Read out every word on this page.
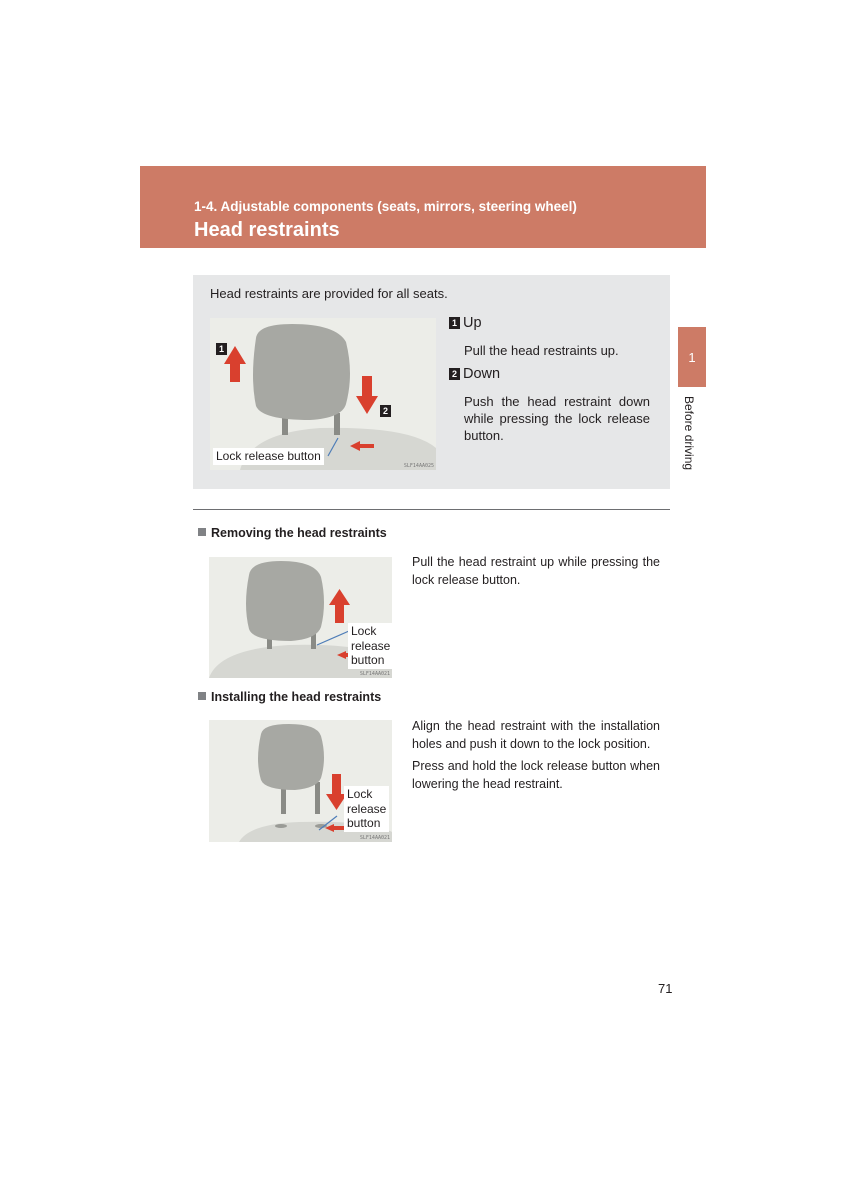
1-4. Adjustable components (seats, mirrors, steering wheel)
Head restraints
1
Before driving
Head restraints are provided for all seats.
1
2
Lock release button
SLF14AA025
1 Up
Pull the head restraints up.
2 Down
Push the head restraint down while pressing the lock release button.
Removing the head restraints
Lock
release
button
SLF14AA021
Pull the head restraint up while pressing the lock release button.
Installing the head restraints
Lock
release
button
SLF14AA021
Align the head restraint with the installation holes and push it down to the lock position.
Press and hold the lock release button when lowering the head restraint.
71
